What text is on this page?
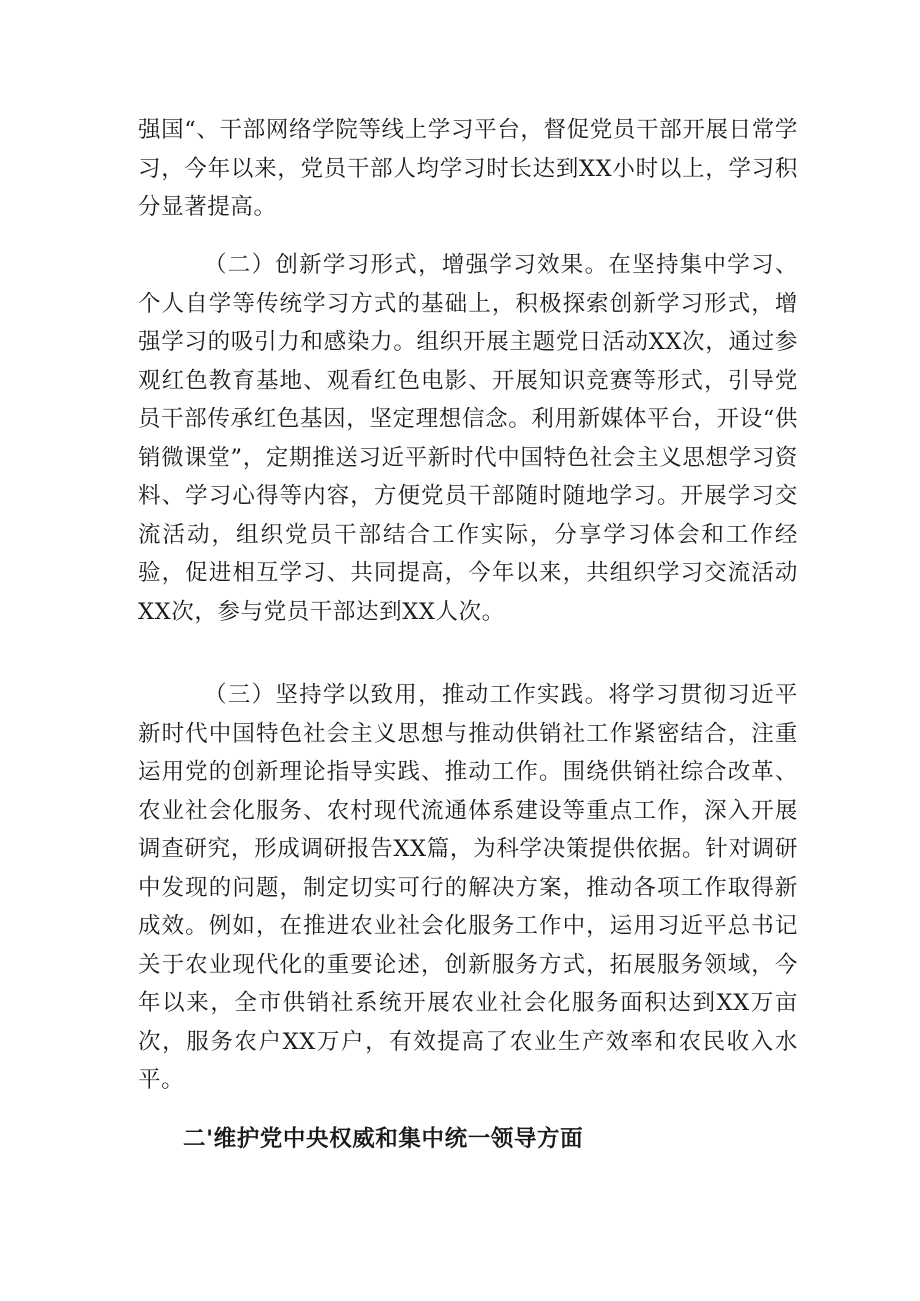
强国“、干部网络学院等线上学习平台，督促党员干部开展日常学习，今年以来，党员干部人均学习时长达到XX小时以上，学习积分显著提高。

（二）创新学习形式，增强学习效果。在坚持集中学习、个人自学等传统学习方式的基础上，积极探索创新学习形式，增强学习的吸引力和感染力。组织开展主题党日活动XX次，通过参观红色教育基地、观看红色电影、开展知识竞赛等形式，引导党员干部传承红色基因，坚定理想信念。利用新媒体平台，开设“供销微课堂”，定期推送习近平新时代中国特色社会主义思想学习资料、学习心得等内容，方便党员干部随时随地学习。开展学习交流活动，组织党员干部结合工作实际，分享学习体会和工作经验，促进相互学习、共同提高，今年以来，共组织学习交流活动XX次，参与党员干部达到XX人次。

（三）坚持学以致用，推动工作实践。将学习贯彻习近平新时代中国特色社会主义思想与推动供销社工作紧密结合，注重运用党的创新理论指导实践、推动工作。围绕供销社综合改革、农业社会化服务、农村现代流通体系建设等重点工作，深入开展调查研究，形成调研报告XX篇，为科学决策提供依据。针对调研中发现的问题，制定切实可行的解决方案，推动各项工作取得新成效。例如，在推进农业社会化服务工作中，运用习近平总书记关于农业现代化的重要论述，创新服务方式，拓展服务领域，今年以来，全市供销社系统开展农业社会化服务面积达到XX万亩次，服务农户XX万户，有效提高了农业生产效率和农民收入水平。

二'维护党中央权威和集中统一领导方面
